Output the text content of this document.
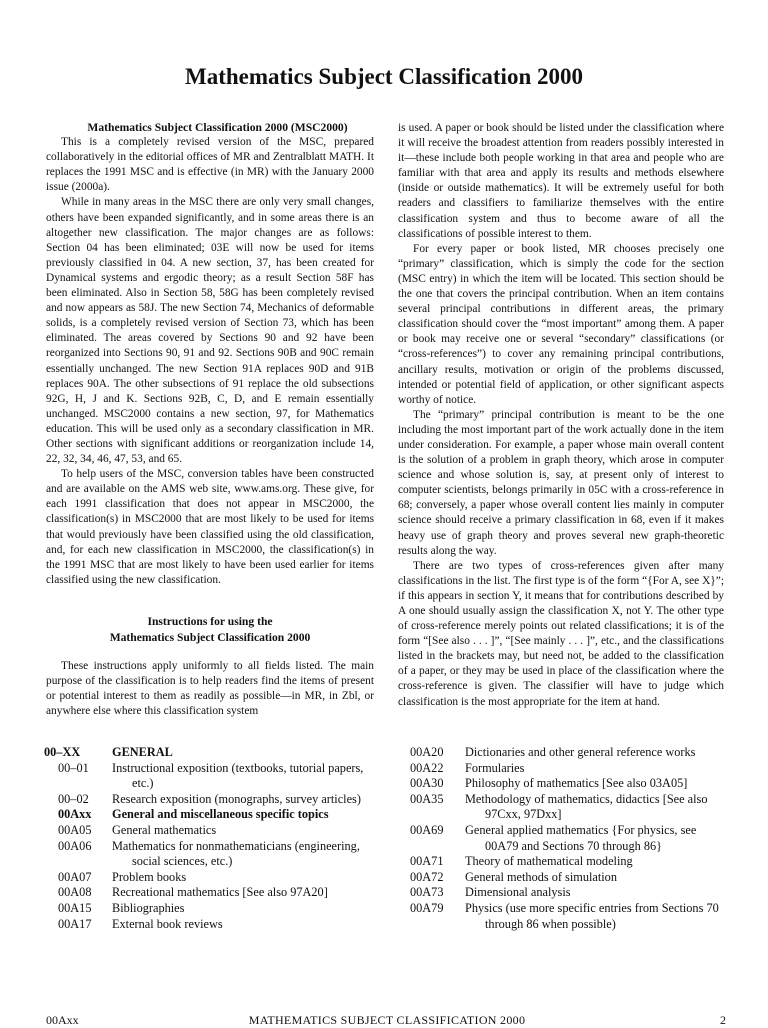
Mathematics Subject Classification 2000

Mathematics Subject Classification 2000 (MSC2000)

This is a completely revised version of the MSC, prepared collaboratively in the editorial offices of MR and Zentralblatt MATH. It replaces the 1991 MSC and is effective (in MR) with the January 2000 issue (2000a).

While in many areas in the MSC there are only very small changes, others have been expanded significantly, and in some areas there is an altogether new classification. The major changes are as follows: Section 04 has been eliminated; 03E will now be used for items previously classified in 04. A new section, 37, has been created for Dynamical systems and ergodic theory; as a result Section 58F has been eliminated. Also in Section 58, 58G has been completely revised and now appears as 58J. The new Section 74, Mechanics of deformable solids, is a completely revised version of Section 73, which has been eliminated. The areas covered by Sections 90 and 92 have been reorganized into Sections 90, 91 and 92. Sections 90B and 90C remain essentially unchanged. The new Section 91A replaces 90D and 91B replaces 90A. The other subsections of 91 replace the old subsections 92G, H, J and K. Sections 92B, C, D, and E remain essentially unchanged. MSC2000 contains a new section, 97, for Mathematics education. This will be used only as a secondary classification in MR. Other sections with significant additions or reorganization include 14, 22, 32, 34, 46, 47, 53, and 65.

To help users of the MSC, conversion tables have been constructed and are available on the AMS web site, www.ams.org. These give, for each 1991 classification that does not appear in MSC2000, the classification(s) in MSC2000 that are most likely to be used for items that would previously have been classified using the old classification, and, for each new classification in MSC2000, the classification(s) in the 1991 MSC that are most likely to have been used earlier for items classified using the new classification.

Instructions for using the
Mathematics Subject Classification 2000

These instructions apply uniformly to all fields listed. The main purpose of the classification is to help readers find the items of present or potential interest to them as readily as possible—in MR, in Zbl, or anywhere else where this classification system

is used. A paper or book should be listed under the classification where it will receive the broadest attention from readers possibly interested in it—these include both people working in that area and people who are familiar with that area and apply its results and methods elsewhere (inside or outside mathematics). It will be extremely useful for both readers and classifiers to familiarize themselves with the entire classification system and thus to become aware of all the classifications of possible interest to them.

For every paper or book listed, MR chooses precisely one “primary” classification, which is simply the code for the section (MSC entry) in which the item will be located. This section should be the one that covers the principal contribution. When an item contains several principal contributions in different areas, the primary classification should cover the “most important” among them. A paper or book may receive one or several “secondary” classifications (or “cross-references”) to cover any remaining principal contributions, ancillary results, motivation or origin of the problems discussed, intended or potential field of application, or other significant aspects worthy of notice.

The “primary” principal contribution is meant to be the one including the most important part of the work actually done in the item under consideration. For example, a paper whose main overall content is the solution of a problem in graph theory, which arose in computer science and whose solution is, say, at present only of interest to computer scientists, belongs primarily in 05C with a cross-reference in 68; conversely, a paper whose overall content lies mainly in computer science should receive a primary classification in 68, even if it makes heavy use of graph theory and proves several new graph-theoretic results along the way.

There are two types of cross-references given after many classifications in the list. The first type is of the form “{For A, see X}”; if this appears in section Y, it means that for contributions described by A one should usually assign the classification X, not Y. The other type of cross-reference merely points out related classifications; it is of the form “[See also . . . ]”, “[See mainly . . . ]”, etc., and the classifications listed in the brackets may, but need not, be added to the classification of a paper, or they may be used in place of the classification where the cross-reference is given. The classifier will have to judge which classification is the most appropriate for the item at hand.

00–XX	GENERAL
00–01	Instructional exposition (textbooks, tutorial papers, etc.)
00–02	Research exposition (monographs, survey articles)
00Axx	General and miscellaneous specific topics
00A05	General mathematics
00A06	Mathematics for nonmathematicians (engineering, social sciences, etc.)
00A07	Problem books
00A08	Recreational mathematics [See also 97A20]
00A15	Bibliographies
00A17	External book reviews
00A20	Dictionaries and other general reference works
00A22	Formularies
00A30	Philosophy of mathematics [See also 03A05]
00A35	Methodology of mathematics, didactics [See also 97Cxx, 97Dxx]
00A69	General applied mathematics {For physics, see 00A79 and Sections 70 through 86}
00A71	Theory of mathematical modeling
00A72	General methods of simulation
00A73	Dimensional analysis
00A79	Physics (use more specific entries from Sections 70 through 86 when possible)
00Axx	MATHEMATICS SUBJECT CLASSIFICATION 2000	2
